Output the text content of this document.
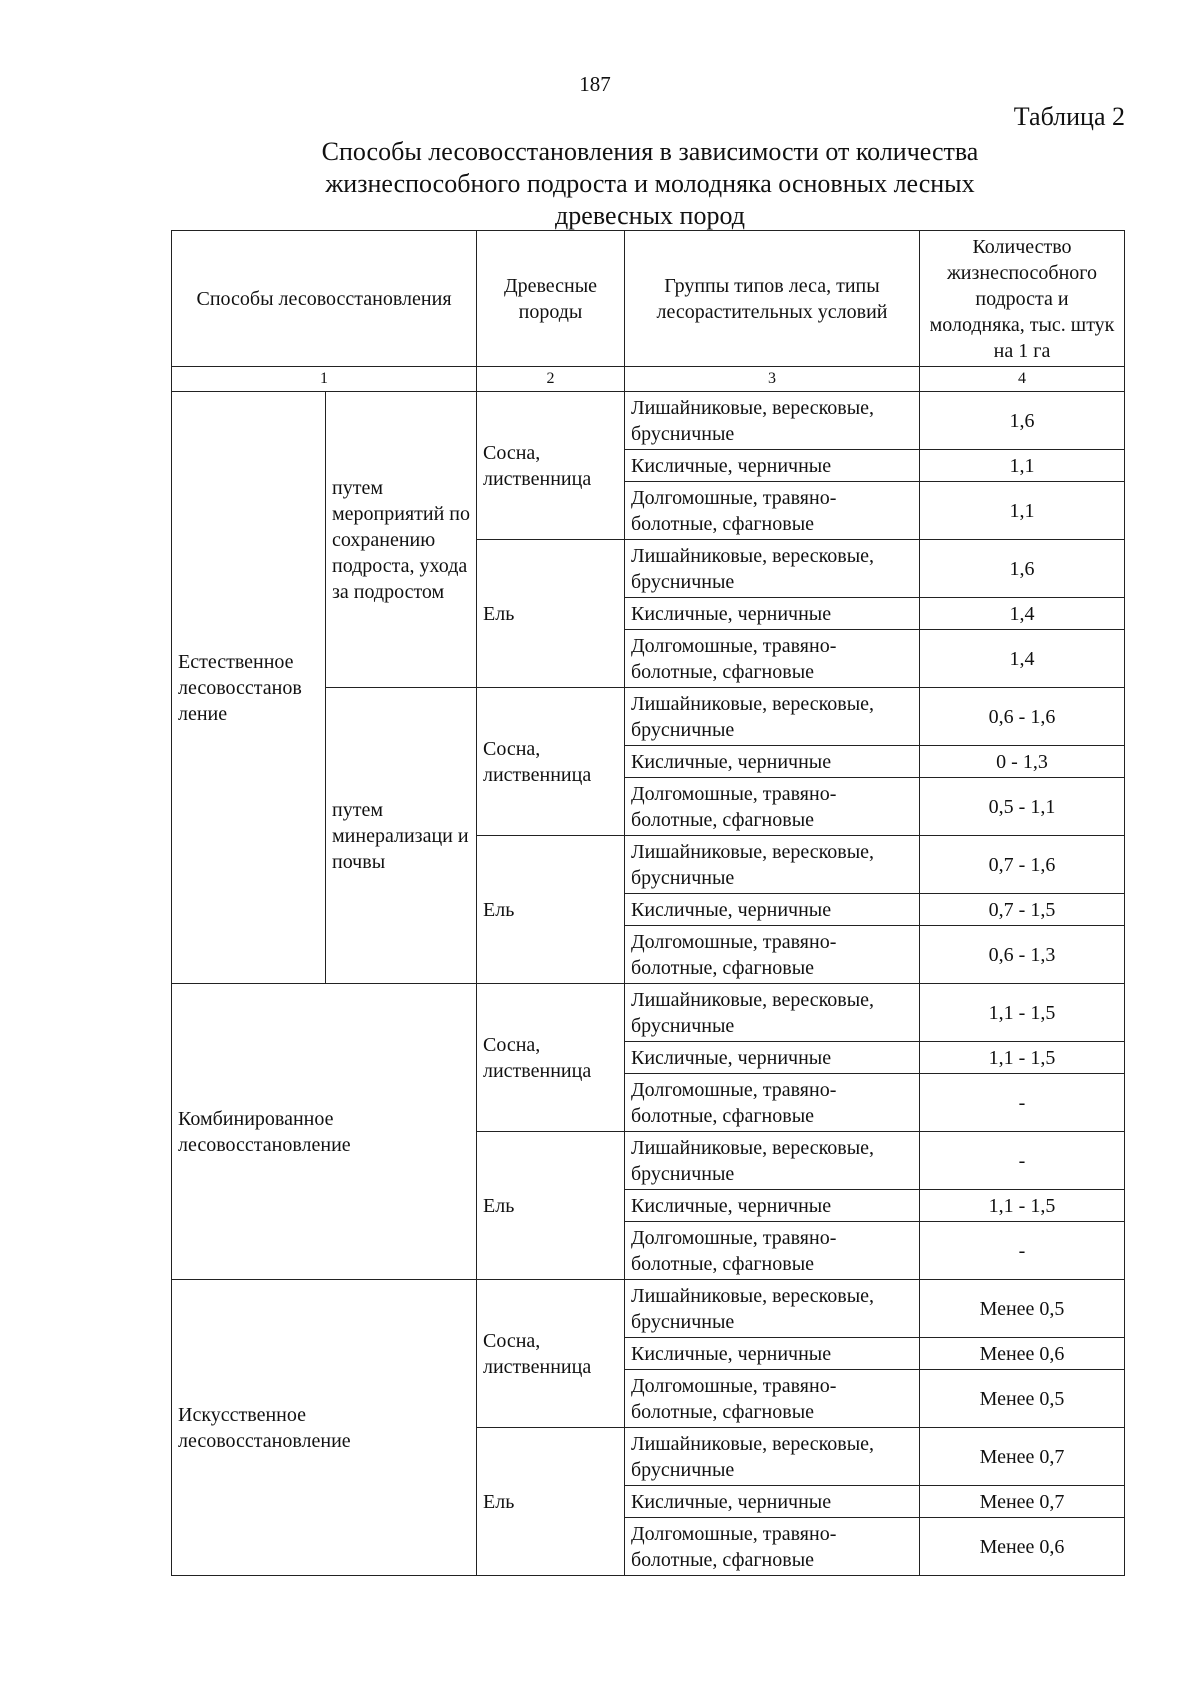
187
Таблица 2
Способы лесовосстановления в зависимости от количества
жизнеспособного подроста и молодняка основных лесных
древесных пород
Способы лесовосстановления		Древесные породы	Группы типов леса, типы лесорастительных условий	Количество жизнеспособного подроста и молодняка, тыс. штук на 1 га
1		2	3	4
Естественное лесовосстанов ление	путем мероприятий по сохранению подроста, ухода за подростом	Сосна, лиственница	Лишайниковые, вересковые, брусничные	1,6
			Кисличные, черничные	1,1
			Долгомошные, травяно-болотные, сфагновые	1,1
		Ель	Лишайниковые, вересковые, брусничные	1,6
			Кисличные, черничные	1,4
			Долгомошные, травяно-болотные, сфагновые	1,4
	путем минерализаци и почвы	Сосна, лиственница	Лишайниковые, вересковые, брусничные	0,6 - 1,6
			Кисличные, черничные	0 - 1,3
			Долгомошные, травяно-болотные, сфагновые	0,5 - 1,1
		Ель	Лишайниковые, вересковые, брусничные	0,7 - 1,6
			Кисличные, черничные	0,7 - 1,5
			Долгомошные, травяно-болотные, сфагновые	0,6 - 1,3
Комбинированное лесовосстановление		Сосна, лиственница	Лишайниковые, вересковые, брусничные	1,1 - 1,5
			Кисличные, черничные	1,1 - 1,5
			Долгомошные, травяно-болотные, сфагновые	-
		Ель	Лишайниковые, вересковые, брусничные	-
			Кисличные, черничные	1,1 - 1,5
			Долгомошные, травяно-болотные, сфагновые	-
Искусственное лесовосстановление		Сосна, лиственница	Лишайниковые, вересковые, брусничные	Менее 0,5
			Кисличные, черничные	Менее 0,6
			Долгомошные, травяно-болотные, сфагновые	Менее 0,5
		Ель	Лишайниковые, вересковые, брусничные	Менее 0,7
			Кисличные, черничные	Менее 0,7
			Долгомошные, травяно-болотные, сфагновые	Менее 0,6
